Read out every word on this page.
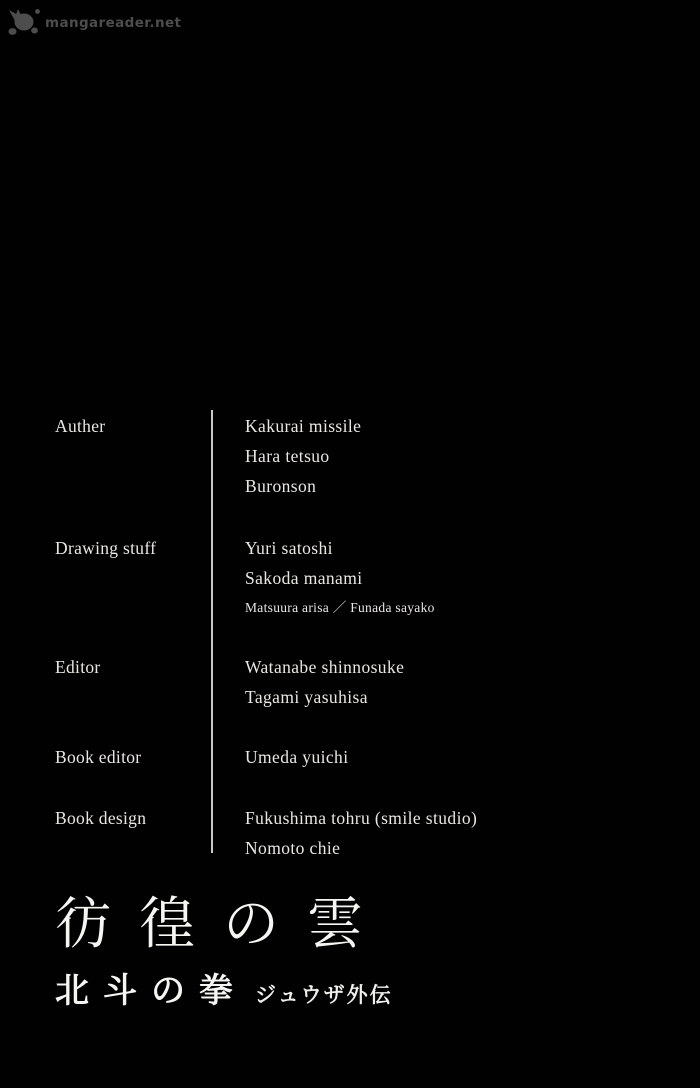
mangareader.net
Auther	Kakurai missile
Hara tetsuo
Buronson
Drawing stuff	Yuri satoshi
Sakoda manami
Matsuura arisa ／ Funada sayako
Editor	Watanabe shinnosuke
Tagami yasuhisa
Book editor	Umeda yuichi
Book design	Fukushima tohru (smile studio)
Nomoto chie
彷徨の雲
北斗の拳 ジュウザ外伝
